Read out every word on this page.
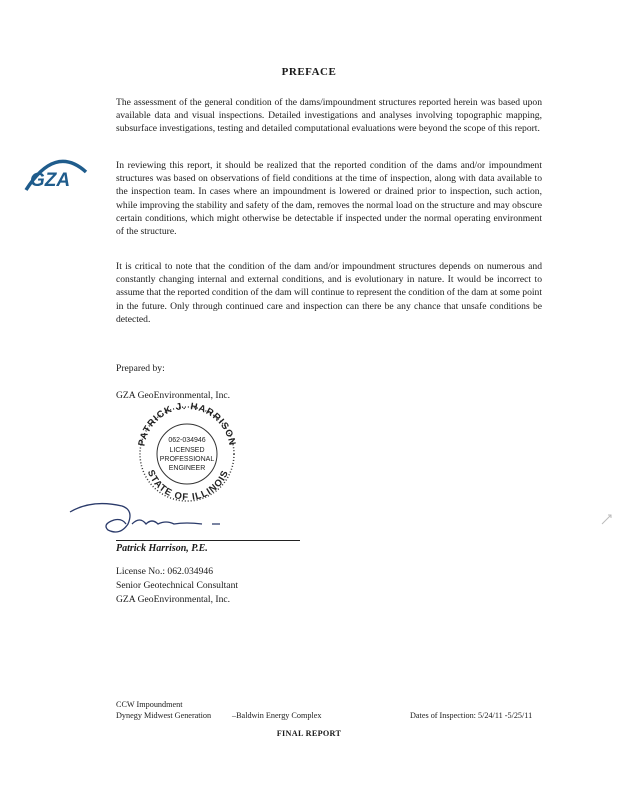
PREFACE

The assessment of the general condition of the dams/impoundment structures reported herein was based upon available data and visual inspections. Detailed investigations and analyses involving topographic mapping, subsurface investigations, testing and detailed computational evaluations were beyond the scope of this report.

In reviewing this report, it should be realized that the reported condition of the dams and/or impoundment structures was based on observations of field conditions at the time of inspection, along with data available to the inspection team. In cases where an impoundment is lowered or drained prior to inspection, such action, while improving the stability and safety of the dam, removes the normal load on the structure and may obscure certain conditions, which might otherwise be detectable if inspected under the normal operating environment of the structure.

It is critical to note that the condition of the dam and/or impoundment structures depends on numerous and constantly changing internal and external conditions, and is evolutionary in nature. It would be incorrect to assume that the reported condition of the dam will continue to represent the condition of the dam at some point in the future. Only through continued care and inspection can there be any chance that unsafe conditions be detected.

GZA
Prepared by:
GZA GeoEnvironmental, Inc.
PATRICK J. HARRISON
STATE OF ILLINOIS
062-034946
LICENSED
PROFESSIONAL
ENGINEER
Patrick Harrison, P.E.
License No.: 062.034946
Senior Geotechnical Consultant
GZA GeoEnvironmental, Inc.
CCW Impoundment
Dynegy Midwest Generation	–Baldwin Energy Complex	Dates of Inspection: 5/24/11 -5/25/11
FINAL REPORT
